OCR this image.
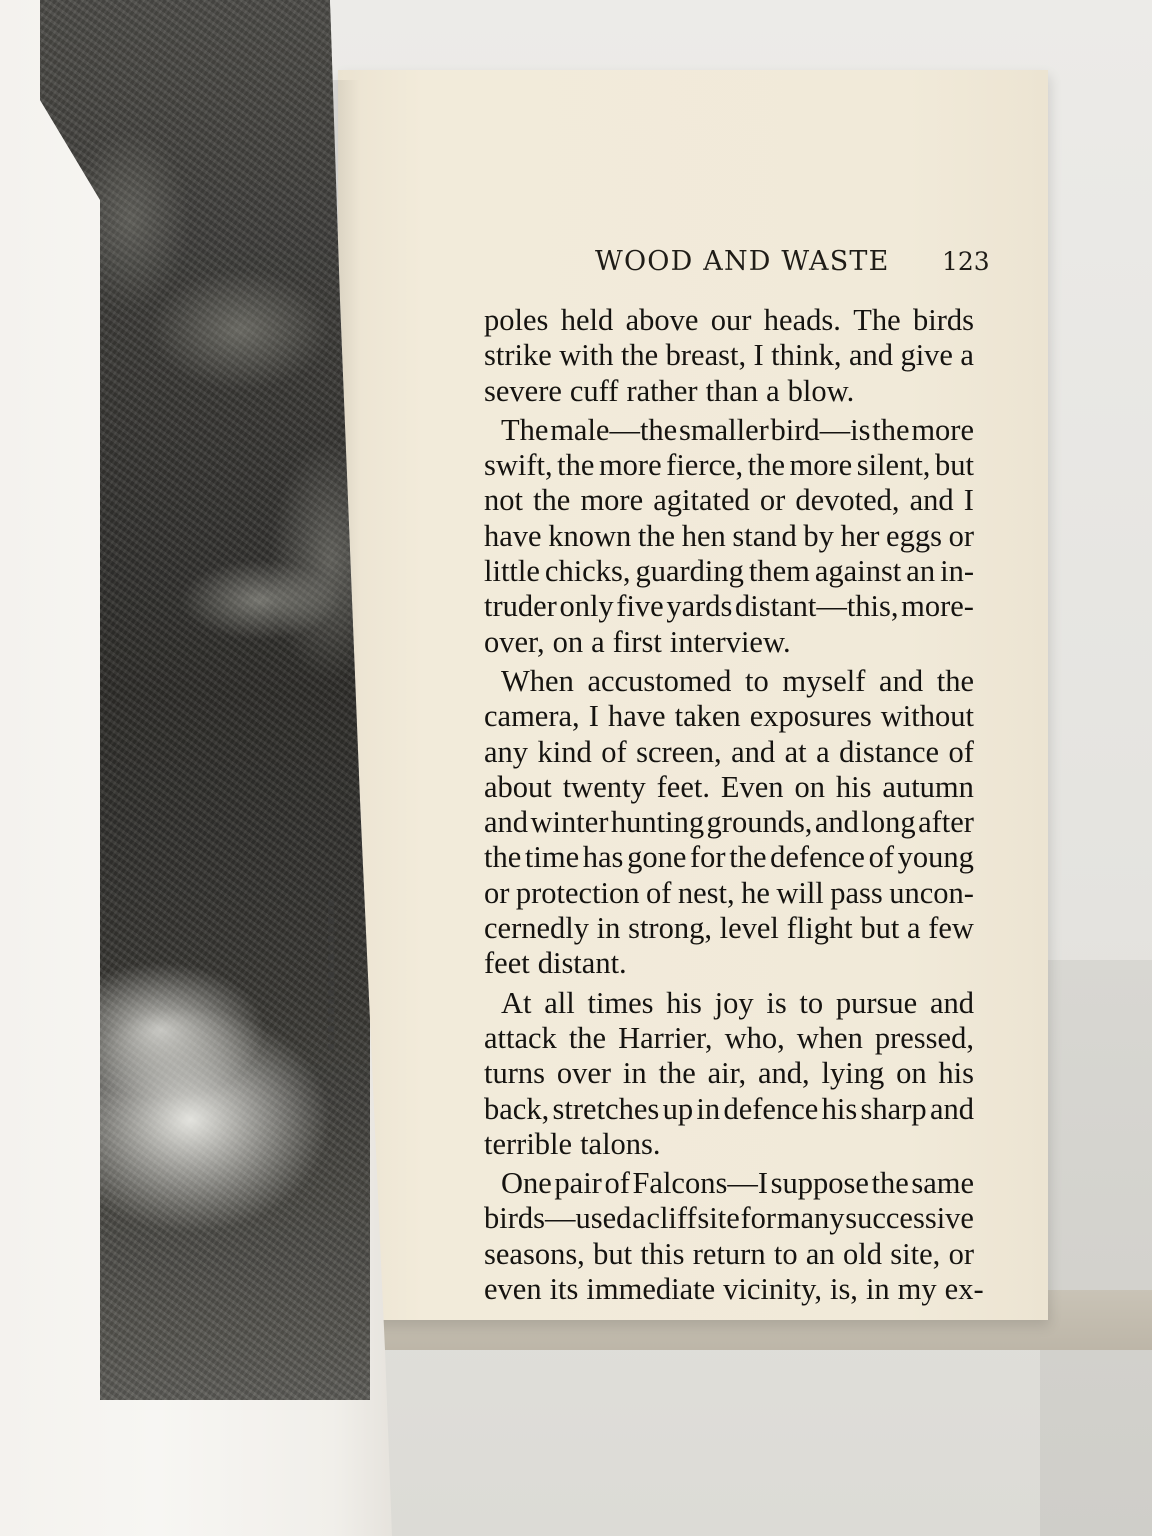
WOOD AND WASTE 123
poles held above our heads. The birds
strike with the breast, I think, and give a
severe cuff rather than a blow.
The male—the smaller bird—is the more
swift, the more fierce, the more silent, but
not the more agitated or devoted, and I
have known the hen stand by her eggs or
little chicks, guarding them against an in-
truder only five yards distant—this, more-
over, on a first interview.
When accustomed to myself and the
camera, I have taken exposures without
any kind of screen, and at a distance of
about twenty feet. Even on his autumn
and winter hunting grounds, and long after
the time has gone for the defence of young
or protection of nest, he will pass uncon-
cernedly in strong, level flight but a few
feet distant.
At all times his joy is to pursue and
attack the Harrier, who, when pressed,
turns over in the air, and, lying on his
back, stretches up in defence his sharp and
terrible talons.
One pair of Falcons—I suppose the same
birds—used a cliff site for many successive
seasons, but this return to an old site, or
even its immediate vicinity, is, in my ex-
